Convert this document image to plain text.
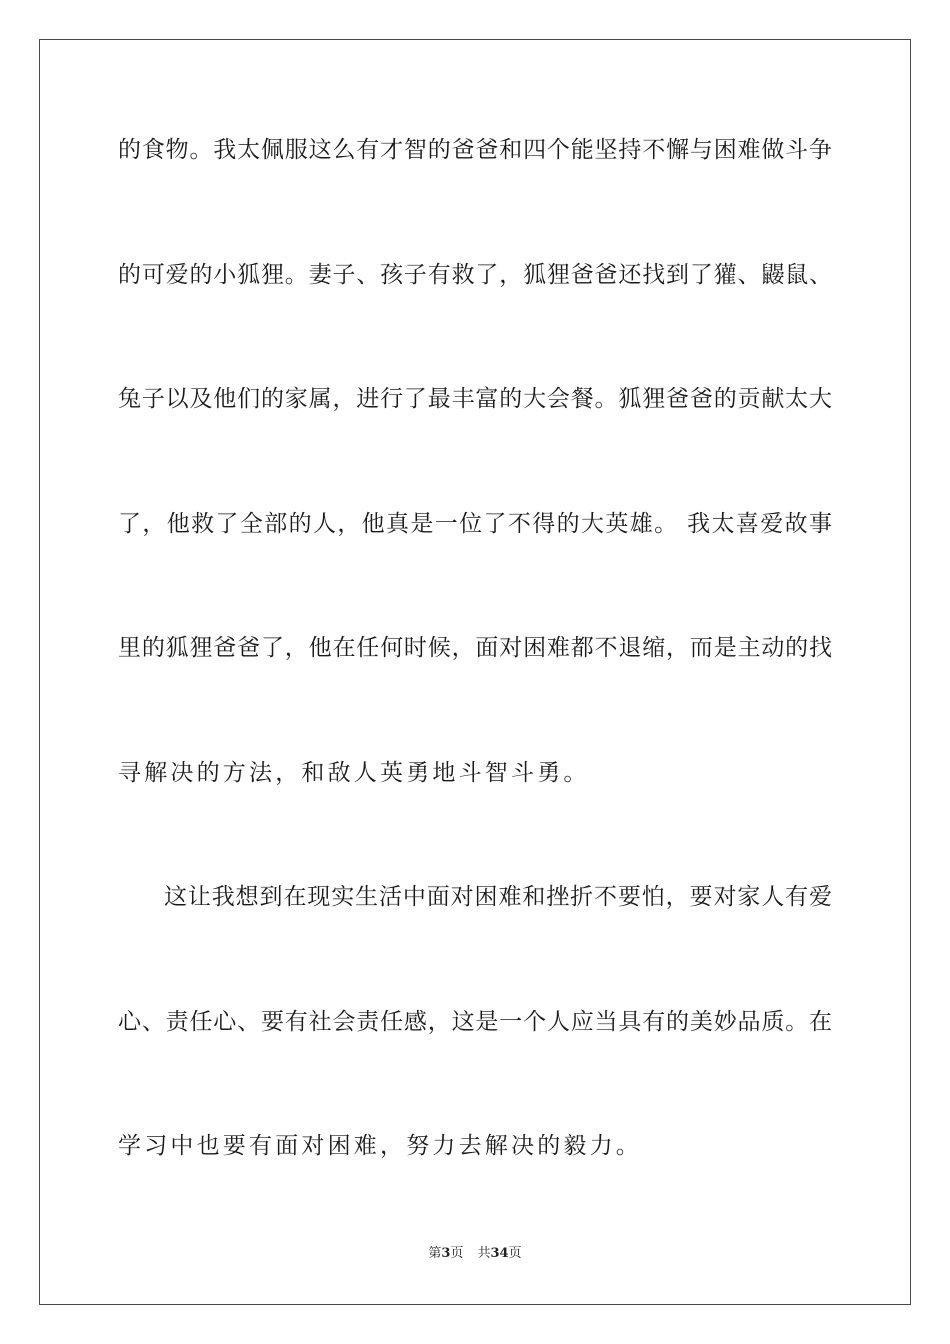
的食物。我太佩服这么有才智的爸爸和四个能坚持不懈与困难做斗争
的可爱的小狐狸。妻子、孩子有救了，狐狸爸爸还找到了獾、鼹鼠、
兔子以及他们的家属，进行了最丰富的大会餐。狐狸爸爸的贡献太大
了，他救了全部的人，他真是一位了不得的大英雄。 我太喜爱故事
里的狐狸爸爸了，他在任何时候，面对困难都不退缩，而是主动的找
寻解决的方法，和敌人英勇地斗智斗勇。
这让我想到在现实生活中面对困难和挫折不要怕，要对家人有爱
心、责任心、要有社会责任感，这是一个人应当具有的美妙品质。在
学习中也要有面对困难，努力去解决的毅力。
第3页 共34页
